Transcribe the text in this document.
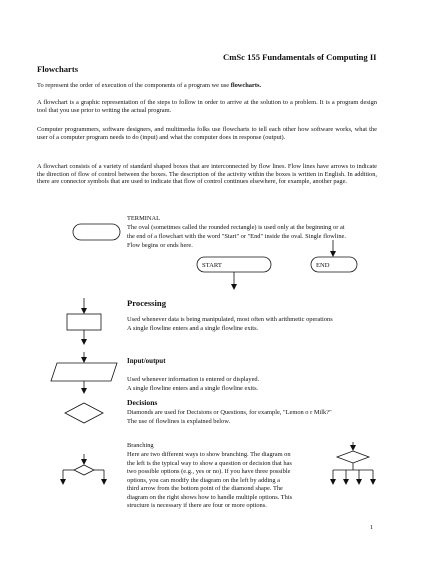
CmSc 155 Fundamentals of Computing II
Flowcharts
To represent the order of execution of the components of a program we use flowcharts.
A flowchart is a graphic representation of the steps to follow in order to arrive at the solution to a problem. It is a program design tool that you use prior to writing the actual program.
Computer programmers, software designers, and multimedia folks use flowcharts to tell each other how software works, what the user of a computer program needs to do (input) and what the computer does in response (output).
A flowchart consists of a variety of standard shaped boxes that are interconnected by flow lines. Flow lines have arrows to indicate the direction of flow of control between the boxes. The description of the activity within the boxes is written in English. In addition, there are connector symbols that are used to indicate that flow of control continues elsewhere, for example, another page.
TERMINAL
The oval (sometimes called the rounded rectangle) is used only at the beginning or at
the end of a flowchart with the word "Start" or "End" inside the oval. Single flowline.
Flow begins or ends here.
Processing
Used whenever data is being manipulated, most often with arithmetic operations
A single flowline enters and a single flowline exits.
Input/output
Used whenever information is entered or displayed.
A single flowline enters and a single flowline exits.
Decisions
Diamonds are used for Decisions or Questions, for example, "Lemon o r Milk?"
The use of flowlines is explained below.
Branching
Here are two different ways to show branching. The diagram on
the left is the typical way to show a question or decision that has
two possible options (e.g., yes or no). If you have three possible
options, you can modify the diagram on the left by adding a
third arrow from the bottom point of the diamond shape. The
diagram on the right shows how to handle multiple options. This
structure is necessary if there are four or more options.
1
START	END
